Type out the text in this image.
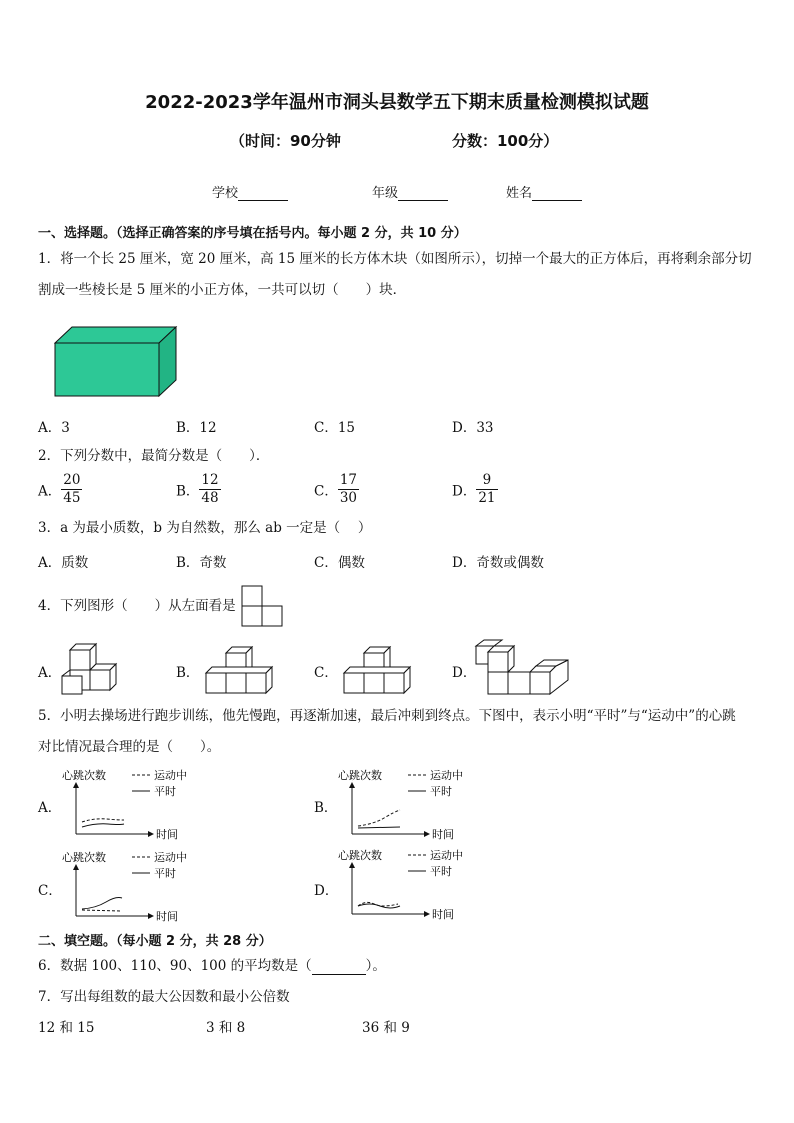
2022-2023学年温州市洞头县数学五下期末质量检测模拟试题
（时间：90分钟	分数：100分）
学校	年级	姓名
一、选择题。（选择正确答案的序号填在括号内。每小题 2 分，共 10 分）
1．将一个长 25 厘米，宽 20 厘米，高 15 厘米的长方体木块（如图所示），切掉一个最大的正方体后，再将剩余部分切
割成一些棱长是 5 厘米的小正方体，一共可以切（　　）块．
A．3	B．12	C．15	D．33
2．下列分数中，最简分数是（　　）．
A． $\frac{20}{45}$	B． $\frac{12}{48}$	C． $\frac{17}{30}$	D． $\frac{9}{21}$
3．a 为最小质数，b 为自然数，那么 ab 一定是（　 ）
A．质数	B．奇数	C．偶数	D．奇数或偶数
4．下列图形（　　）从左面看是
A．	B．	C．	D．
5．小明去操场进行跑步训练，他先慢跑，再逐渐加速，最后冲刺到终点。下图中，表示小明“平时”与“运动中”的心跳
对比情况最合理的是（　　）。
A．
心跳次数	运动中
平时
时间
B．
心跳次数	运动中
平时
时间
C．
心跳次数	运动中
平时
时间
D．
心跳次数	运动中
平时
时间
二、填空题。（每小题 2 分，共 28 分）
6．数据 100、110、90、100 的平均数是（	）。
7．写出每组数的最大公因数和最小公倍数
12 和 15	3 和 8	36 和 9
